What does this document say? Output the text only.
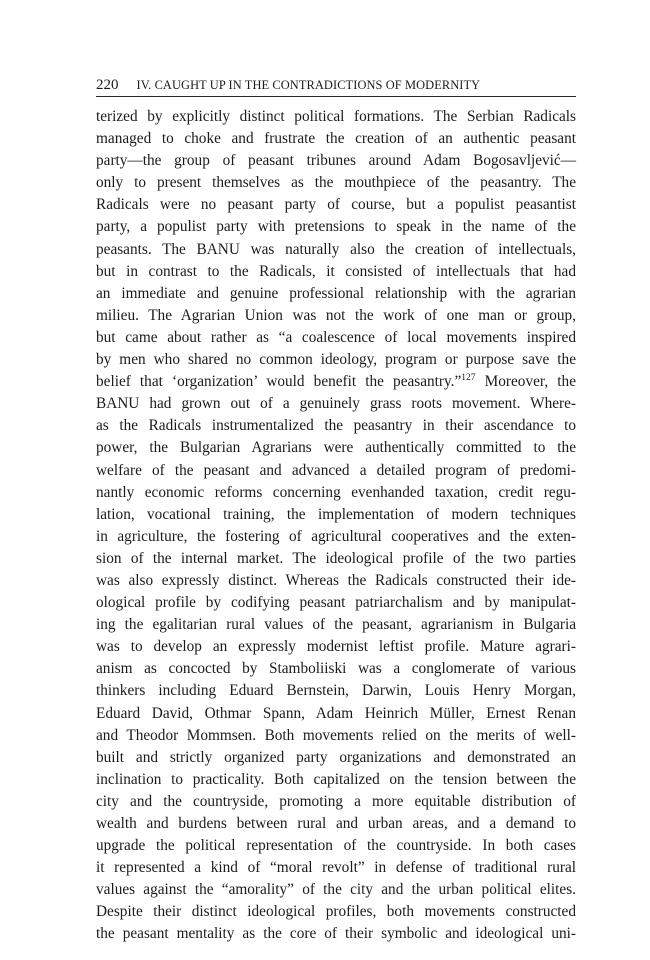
220 IV. CAUGHT UP IN THE CONTRADICTIONS OF MODERNITY
terized by explicitly distinct political formations. The Serbian Radicals
managed to choke and frustrate the creation of an authentic peasant
party—the group of peasant tribunes around Adam Bogosavljević—
only to present themselves as the mouthpiece of the peasantry. The
Radicals were no peasant party of course, but a populist peasantist
party, a populist party with pretensions to speak in the name of the
peasants. The BANU was naturally also the creation of intellectuals,
but in contrast to the Radicals, it consisted of intellectuals that had
an immediate and genuine professional relationship with the agrarian
milieu. The Agrarian Union was not the work of one man or group,
but came about rather as “a coalescence of local movements inspired
by men who shared no common ideology, program or purpose save the
belief that ‘organization’ would benefit the peasantry.”$^{127}$ Moreover, the
BANU had grown out of a genuinely grass roots movement. Where-
as the Radicals instrumentalized the peasantry in their ascendance to
power, the Bulgarian Agrarians were authentically committed to the
welfare of the peasant and advanced a detailed program of predomi-
nantly economic reforms concerning evenhanded taxation, credit regu-
lation, vocational training, the implementation of modern techniques
in agriculture, the fostering of agricultural cooperatives and the exten-
sion of the internal market. The ideological profile of the two parties
was also expressly distinct. Whereas the Radicals constructed their ide-
ological profile by codifying peasant patriarchalism and by manipulat-
ing the egalitarian rural values of the peasant, agrarianism in Bulgaria
was to develop an expressly modernist leftist profile. Mature agrari-
anism as concocted by Stamboliiski was a conglomerate of various
thinkers including Eduard Bernstein, Darwin, Louis Henry Morgan,
Eduard David, Othmar Spann, Adam Heinrich Müller, Ernest Renan
and Theodor Mommsen. Both movements relied on the merits of well-
built and strictly organized party organizations and demonstrated an
inclination to practicality. Both capitalized on the tension between the
city and the countryside, promoting a more equitable distribution of
wealth and burdens between rural and urban areas, and a demand to
upgrade the political representation of the countryside. In both cases
it represented a kind of “moral revolt” in defense of traditional rural
values against the “amorality” of the city and the urban political elites.
Despite their distinct ideological profiles, both movements constructed
the peasant mentality as the core of their symbolic and ideological uni-
